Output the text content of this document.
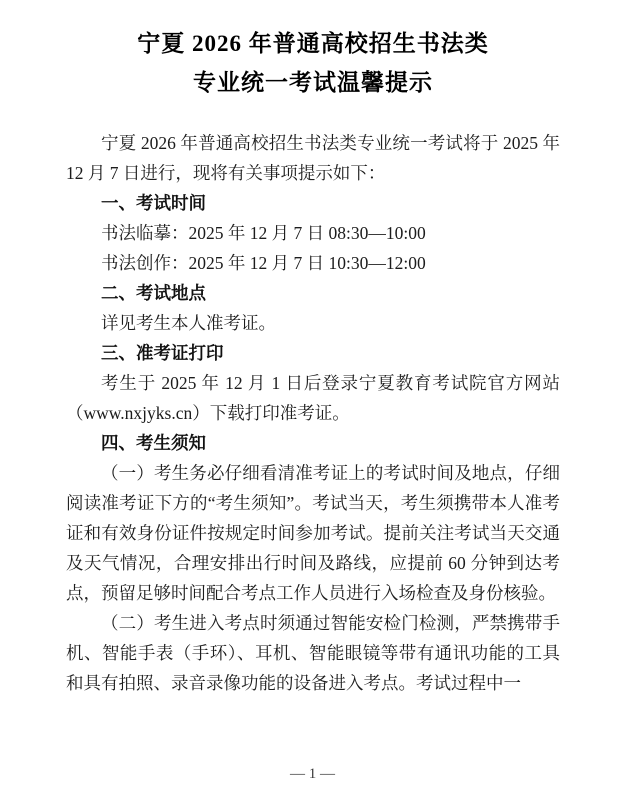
宁夏 2026 年普通高校招生书法类
专业统一考试温馨提示

宁夏 2026 年普通高校招生书法类专业统一考试将于 2025 年 12 月 7 日进行，现将有关事项提示如下：

一、考试时间

书法临摹：2025 年 12 月 7 日 08:30—10:00

书法创作：2025 年 12 月 7 日 10:30—12:00

二、考试地点

详见考生本人准考证。

三、准考证打印

考生于 2025 年 12 月 1 日后登录宁夏教育考试院官方网站（www.nxjyks.cn）下载打印准考证。

四、考生须知

（一）考生务必仔细看清准考证上的考试时间及地点，仔细阅读准考证下方的“考生须知”。考试当天，考生须携带本人准考证和有效身份证件按规定时间参加考试。提前关注考试当天交通及天气情况，合理安排出行时间及路线，应提前 60 分钟到达考点，预留足够时间配合考点工作人员进行入场检查及身份核验。

（二）考生进入考点时须通过智能安检门检测，严禁携带手机、智能手表（手环）、耳机、智能眼镜等带有通讯功能的工具和具有拍照、录音录像功能的设备进入考点。考试过程中一

— 1 —
